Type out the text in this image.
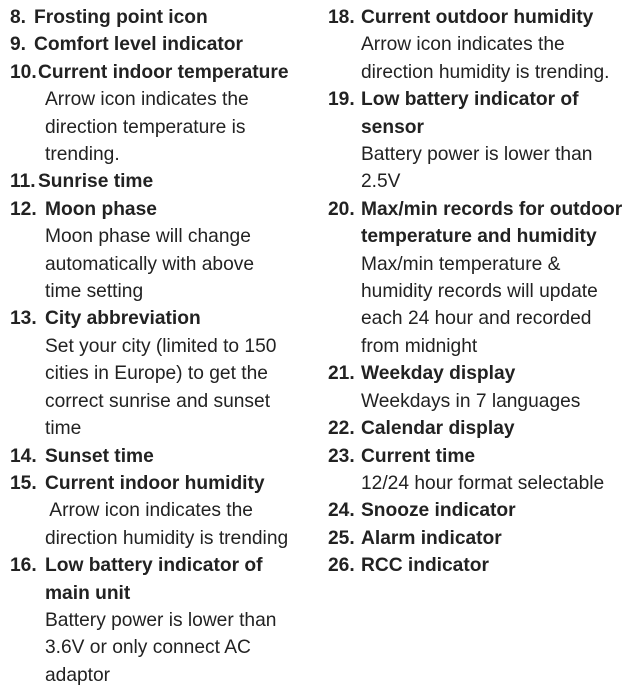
8. Frosting point icon
9. Comfort level indicator
10.Current indoor temperature
Arrow icon indicates the
direction temperature is
trending.
11. Sunrise time
12. Moon phase
Moon phase will change
automatically with above
time setting
13. City abbreviation
Set your city (limited to 150
cities in Europe) to get the
correct sunrise and sunset
time
14. Sunset time
15. Current indoor humidity
Arrow icon indicates the
direction humidity is trending
16. Low battery indicator of
main unit
Battery power is lower than
3.6V or only connect AC
adaptor
18. Current outdoor humidity
Arrow icon indicates the
direction humidity is trending.
19. Low battery indicator of
sensor
Battery power is lower than
2.5V
20. Max/min records for outdoor
temperature and humidity
Max/min temperature &
humidity records will update
each 24 hour and recorded
from midnight
21. Weekday display
Weekdays in 7 languages
22. Calendar display
23. Current time
12/24 hour format selectable
24. Snooze indicator
25. Alarm indicator
26. RCC indicator
